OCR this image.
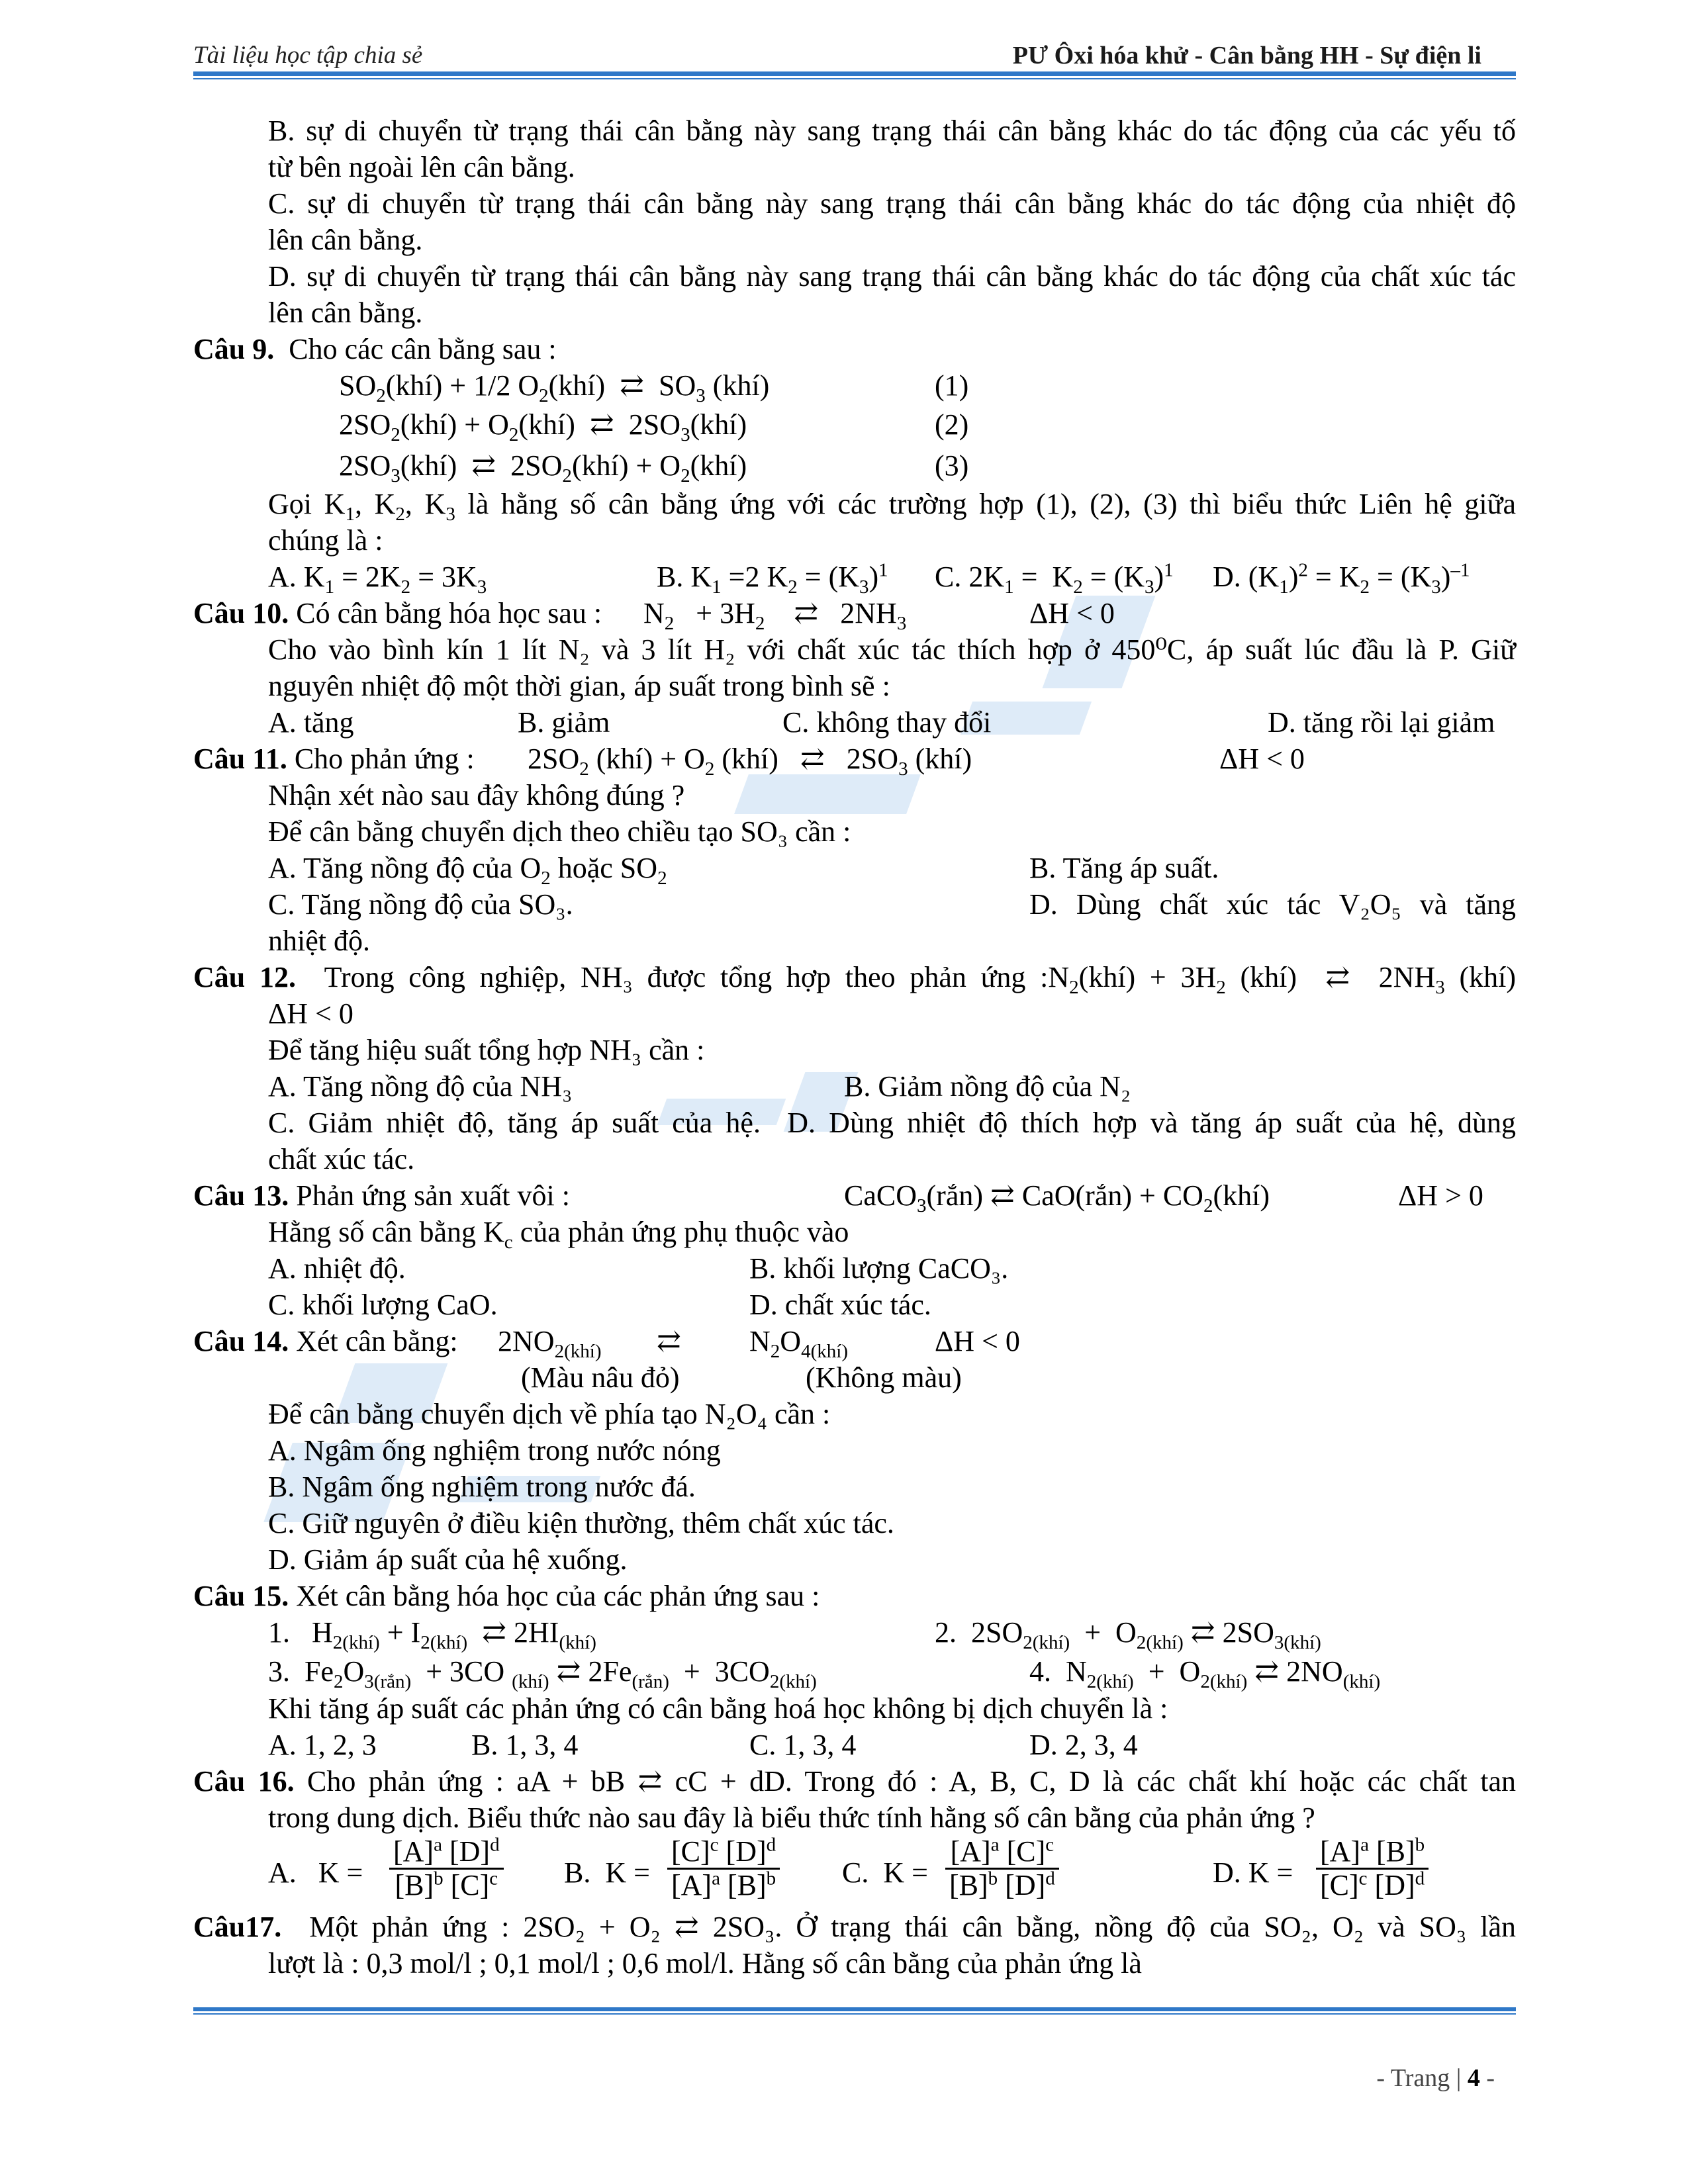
Tài liệu học tập chia sẻ	PƯ Ôxi hóa khử - Cân bằng HH - Sự điện li
B. sự di chuyển từ trạng thái cân bằng này sang trạng thái cân bằng khác do tác động của các yếu tố
từ bên ngoài lên cân bằng.
C. sự di chuyển từ trạng thái cân bằng này sang trạng thái cân bằng khác do tác động của nhiệt độ
lên cân bằng.
D. sự di chuyển từ trạng thái cân bằng này sang trạng thái cân bằng khác do tác động của chất xúc tác
lên cân bằng.
Câu 9. Cho các cân bằng sau :
$SO_2(khí) + 1/2$ $O_2(khí)$  ⇄  $SO_3$ (khí)	(1)
$2SO_2(khí)$ + $O_2(khí)$  ⇄  $2SO_3(khí)$	(2)
$2SO_3(khí)$  ⇄  $2SO_2(khí)$ + $O_2(khí)$	(3)
Gọi $K_1$, $K_2$, $K_3$ là hằng số cân bằng ứng với các trường hợp (1), (2), (3) thì biểu thức Liên hệ giữa
chúng là :
A. $K_1 = 2K_2 = 3K_3$	B. $K_1 =2$ $K_2 = (K_3)^1$ C. $2K_1 = K_2 = (K_3)^1$ D. $(K_1)^2 = K_2 = (K_3)^{-1}$
Câu 10. Có cân bằng hóa học sau : $N_2 + 3H_2$    ⇄   $2NH_3$	ΔH < 0
Cho vào bình kín 1 lít N₂ và 3 lít H₂ với chất xúc tác thích hợp ở 450⁰C, áp suất lúc đầu là P. Giữ
nguyên nhiệt độ một thời gian, áp suất trong bình sẽ :
A. tăng	B. giảm	C. không thay đổi	D. tăng rồi lại giảm
Câu 11. Cho phản ứng : $2SO_2$ (khí) + $O_2$ (khí)   ⇄   $2SO_3$ (khí)	ΔH < 0
Nhận xét nào sau đây không đúng ?
Để cân bằng chuyển dịch theo chiều tạo SO₃ cần :
A. Tăng nồng độ của $O_2$ hoặc $SO_2$	B. Tăng áp suất.
C. Tăng nồng độ của SO₃.	D. Dùng chất xúc tác V₂O₅ và tăng
nhiệt độ.
Câu 12. Trong công nghiệp, NH₃ được tổng hợp theo phản ứng $:N_2(khí) + 3H_2$ (khí)  ⇄  $2NH_3$ (khí)
ΔH < 0
Để tăng hiệu suất tổng hợp NH₃ cần :
A. Tăng nồng độ của NH₃	B. Giảm nồng độ của N₂
C. Giảm nhiệt độ, tăng áp suất của hệ. D. Dùng nhiệt độ thích hợp và tăng áp suất của hệ, dùng
chất xúc tác.
Câu 13. Phản ứng sản xuất vôi :	CaCO$_3$(rắn) ⇄ CaO(rắn) + $CO_2(khí)$	ΔH > 0
Hằng số cân bằng $K_c$ của phản ứng phụ thuộc vào
A. nhiệt độ.	B. khối lượng CaCO₃.
C. khối lượng CaO.	D. chất xúc tác.
Câu 14. Xét cân bằng: $2NO_{2(khí)}$ ⇄ $N_2O_{4(khí)}$	ΔH < 0
(Màu nâu đỏ)	(Không màu)
Để cân bằng chuyển dịch về phía tạo N₂O₄ cần :
A. Ngâm ống nghiệm trong nước nóng
B. Ngâm ống nghiệm trong nước đá.
C. Giữ nguyên ở điều kiện thường, thêm chất xúc tác.
D. Giảm áp suất của hệ xuống.
Câu 15. Xét cân bằng hóa học của các phản ứng sau :
1.   $H_{2(khí)} + I_{2(khí)}$  ⇄ $2HI_{(khí)}$	2.  $2SO_{2(khí)} + O_{2(khí)}$ ⇄ $2SO_{3(khí)}$
3.  $Fe_2O_{3(rắn)} + 3CO$ $_{(khí)}$ ⇄ $2Fe_{(rắn)} + 3CO_{2(khí)}$	4.  $N_{2(khí)} + O_{2(khí)}$ ⇄ $2NO_{(khí)}$
Khi tăng áp suất các phản ứng có cân bằng hoá học không bị dịch chuyển là :
A. 1, 2, 3	B. 1, 3, 4	C. 1, 3, 4	D. 2, 3, 4
Câu 16. Cho phản ứng : aA + bB ⇄ cC + dD. Trong đó : A, B, C, D là các chất khí hoặc các chất tan
trong dung dịch. Biểu thức nào sau đây là biểu thức tính hằng số cân bằng của phản ứng ?
A.   $K = \frac{[A]^a [D]^d}{[B]^b [C]^c} B$.  $K = \frac{[C]^c [D]^d}{[A]^a [B]^b} C$.  $K = \frac{[A]^a [C]^c}{[B]^b [D]^d}$	D. $K = \frac{[A]^a [B]^b}{[C]^c [D]^d}$
Câu17. Một phản ứng : 2SO₂ + O₂ ⇄ 2SO₃. Ở trạng thái cân bằng, nồng độ của SO₂, O₂ và SO₃ lần
lượt là : 0,3 mol/l ; 0,1 mol/l ; 0,6 mol/l. Hằng số cân bằng của phản ứng là
- Trang | 4 -
